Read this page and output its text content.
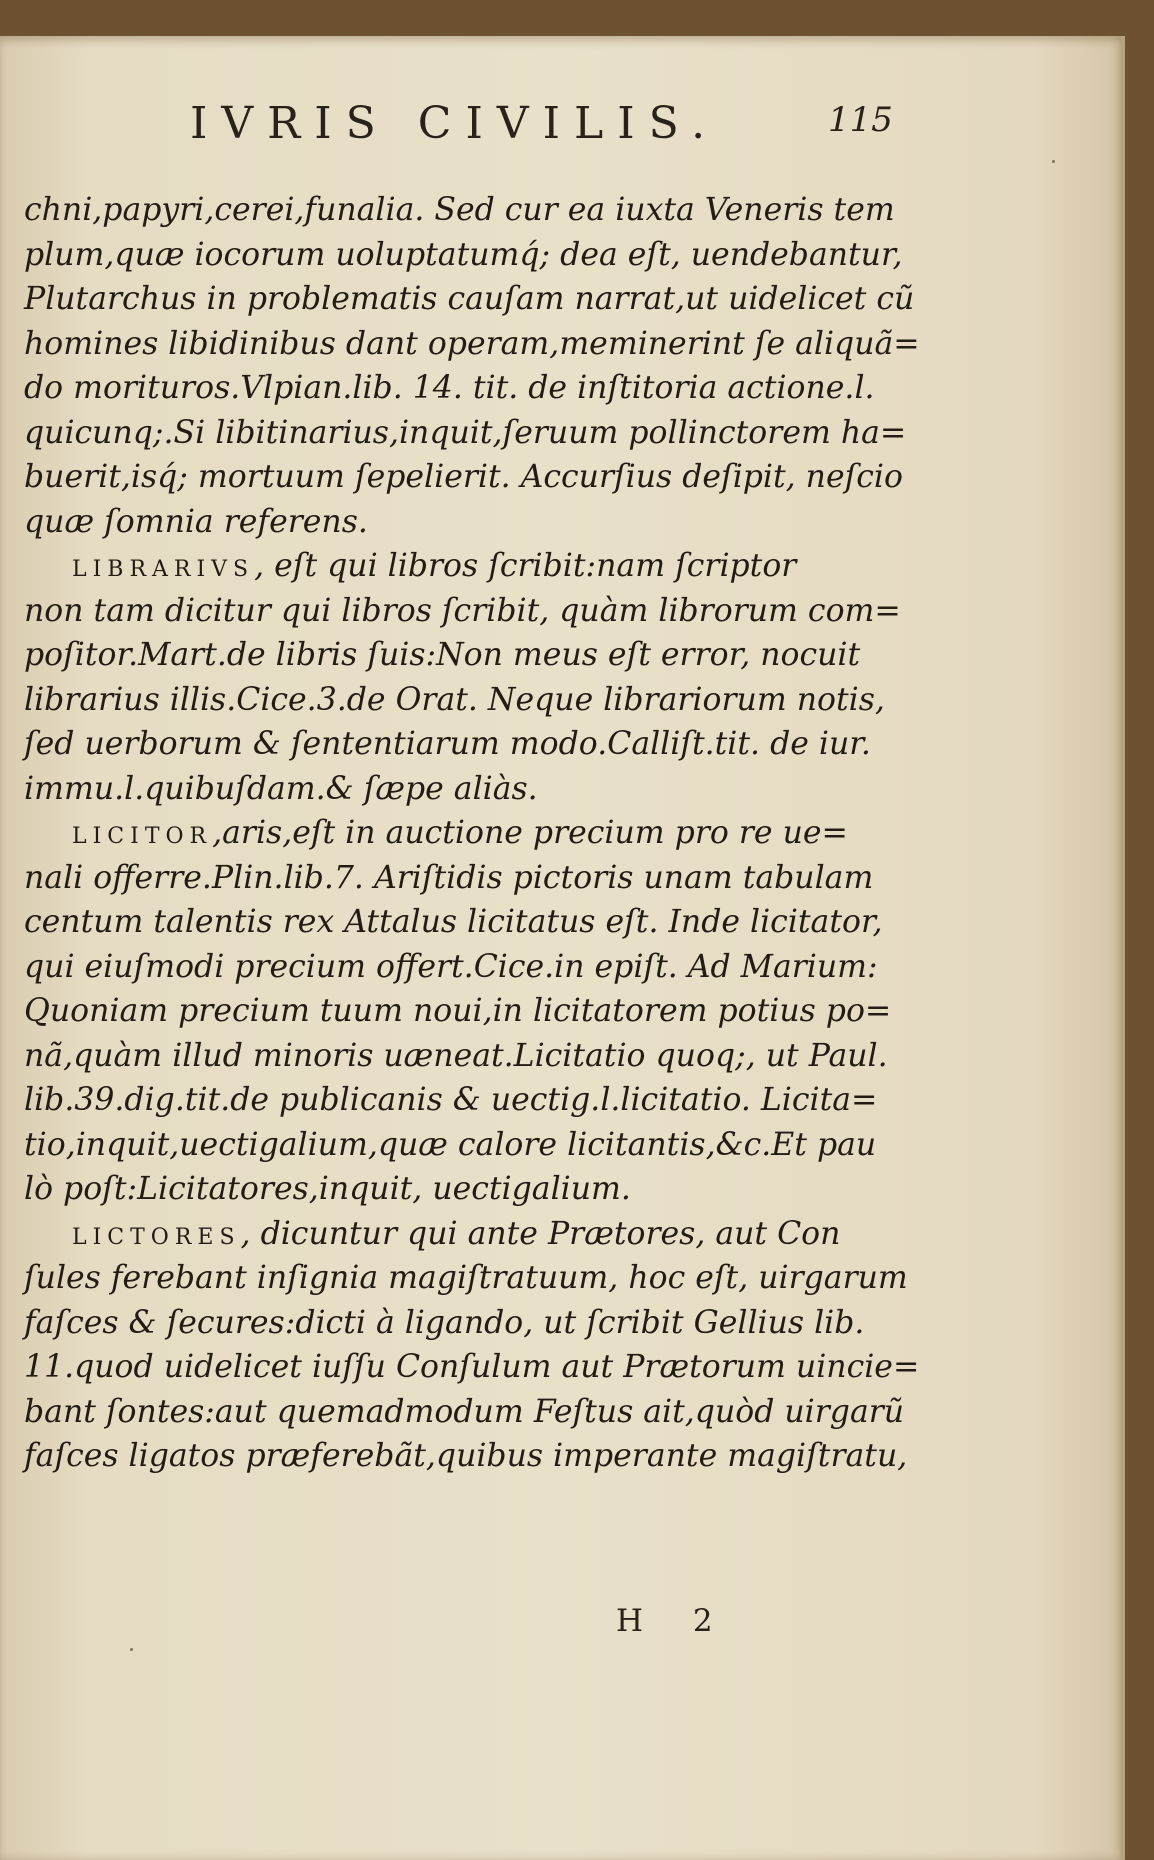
IVRIS CIVILIS.	115
chni,papyri,cerei,funalia. Sed cur ea iuxta Veneris tem
plum,quæ iocorum uoluptatumq́; dea eſt, uendebantur,
Plutarchus in problematis cauſam narrat,ut uidelicet cũ
homines libidinibus dant operam,meminerint ſe aliquã=
do morituros.Vlpian.lib. 14. tit. de inſtitoria actione.l.
quicunq;.Si libitinarius,inquit,ſeruum pollinctorem ha=
buerit,isq́; mortuum ſepelierit. Accurſius deſipit, neſcio
quæ ſomnia referens.
LIBRARIVS, eſt qui libros ſcribit:nam ſcriptor
non tam dicitur qui libros ſcribit, quàm librorum com=
poſitor.Mart.de libris ſuis:Non meus eſt error, nocuit
librarius illis.Cice.3.de Orat. Neque librariorum notis,
ſed uerborum & ſententiarum modo.Calliſt.tit. de iur.
immu.l.quibuſdam.& ſæpe aliàs.
LICITOR,aris,eſt in auctione precium pro re ue=
nali offerre.Plin.lib.7. Ariſtidis pictoris unam tabulam
centum talentis rex Attalus licitatus eſt. Inde licitator,
qui eiuſmodi precium offert.Cice.in epiſt. Ad Marium:
Quoniam precium tuum noui,in licitatorem potius po=
nã,quàm illud minoris uæneat.Licitatio quoq;, ut Paul.
lib.39.dig.tit.de publicanis & uectig.l.licitatio. Licita=
tio,inquit,uectigalium,quæ calore licitantis,&c.Et pau
lò poſt:Licitatores,inquit, uectigalium.
LICTORES, dicuntur qui ante Prætores, aut Con
ſules ferebant inſignia magiſtratuum, hoc eſt, uirgarum
faſces & ſecures:dicti à ligando, ut ſcribit Gellius lib.
11.quod uidelicet iuſſu Conſulum aut Prætorum uincie=
bant ſontes:aut quemadmodum Feſtus ait,quòd uirgarũ
faſces ligatos præferebãt,quibus imperante magiſtratu,
H 2
